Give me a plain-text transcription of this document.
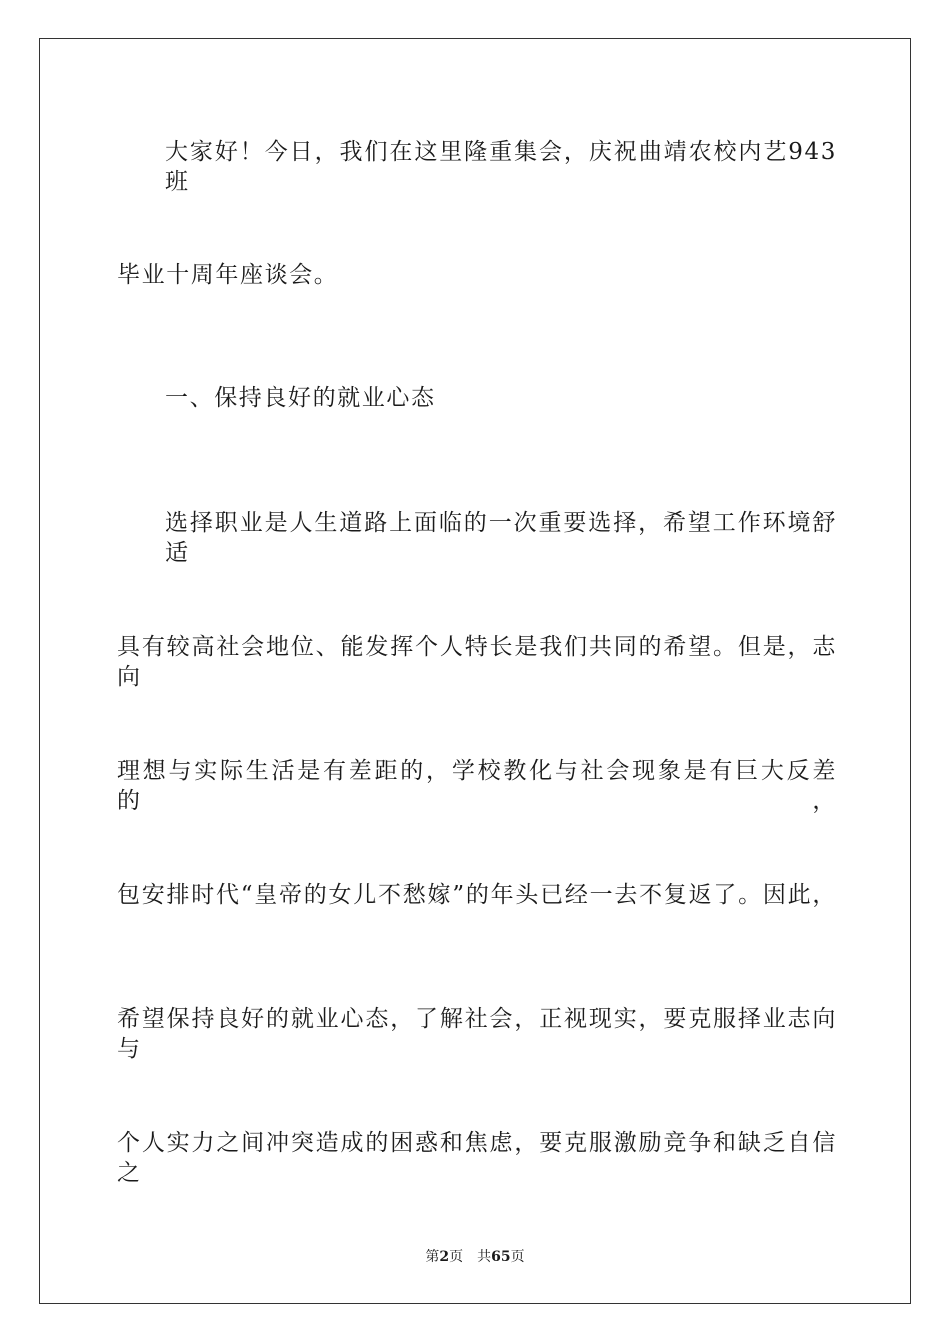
大家好！今日，我们在这里隆重集会，庆祝曲靖农校内艺943班
毕业十周年座谈会。
一、保持良好的就业心态
选择职业是人生道路上面临的一次重要选择，希望工作环境舒适
具有较高社会地位、能发挥个人特长是我们共同的希望。但是，志向
理想与实际生活是有差距的，学校教化与社会现象是有巨大反差的，
包安排时代“皇帝的女儿不愁嫁”的年头已经一去不复返了。因此，
希望保持良好的就业心态，了解社会，正视现实，要克服择业志向与
个人实力之间冲突造成的困惑和焦虑，要克服激励竞争和缺乏自信之
第2页 共65页
